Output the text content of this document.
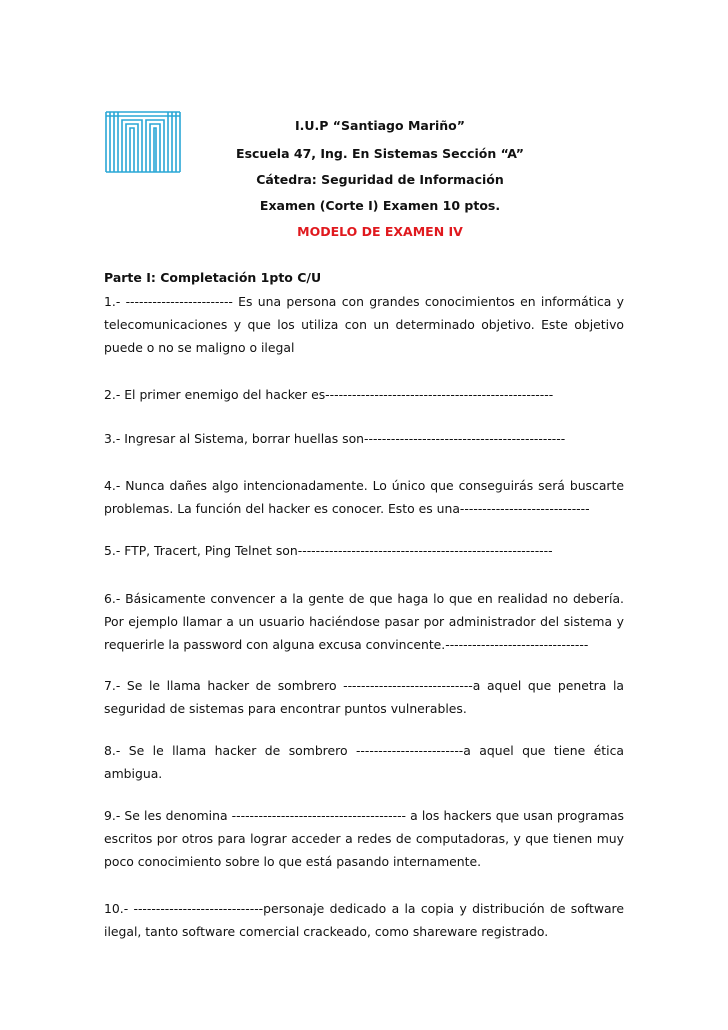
I.U.P “Santiago Mariño”
Escuela 47, Ing. En Sistemas Sección “A”
Cátedra: Seguridad de Información
Examen (Corte I) Examen 10 ptos.
MODELO DE EXAMEN IV
Parte I: Completación 1pto C/U

1.- ------------------------ Es una persona con grandes conocimientos en informática y telecomunicaciones y que los utiliza con un determinado objetivo. Este objetivo puede o no se maligno o ilegal

2.- El primer enemigo del hacker es---------------------------------------------------

3.- Ingresar al Sistema, borrar huellas son---------------------------------------------

4.- Nunca dañes algo intencionadamente. Lo único que conseguirás será buscarte problemas. La función del hacker es conocer. Esto es una-----------------------------

5.- FTP, Tracert, Ping Telnet son---------------------------------------------------------

6.- Básicamente convencer a la gente de que haga lo que en realidad no debería. Por ejemplo llamar a un usuario haciéndose pasar por administrador del sistema y requerirle la password con alguna excusa convincente.--------------------------------

7.- Se le llama hacker de sombrero -----------------------------a aquel que penetra la seguridad de sistemas para encontrar puntos vulnerables.

8.- Se le llama hacker de sombrero ------------------------a aquel que tiene ética ambigua.

9.- Se les denomina --------------------------------------- a los hackers que usan programas escritos por otros para lograr acceder a redes de computadoras, y que tienen muy poco conocimiento sobre lo que está pasando internamente.

10.- -----------------------------personaje dedicado a la copia y distribución de software ilegal, tanto software comercial crackeado, como shareware registrado.
